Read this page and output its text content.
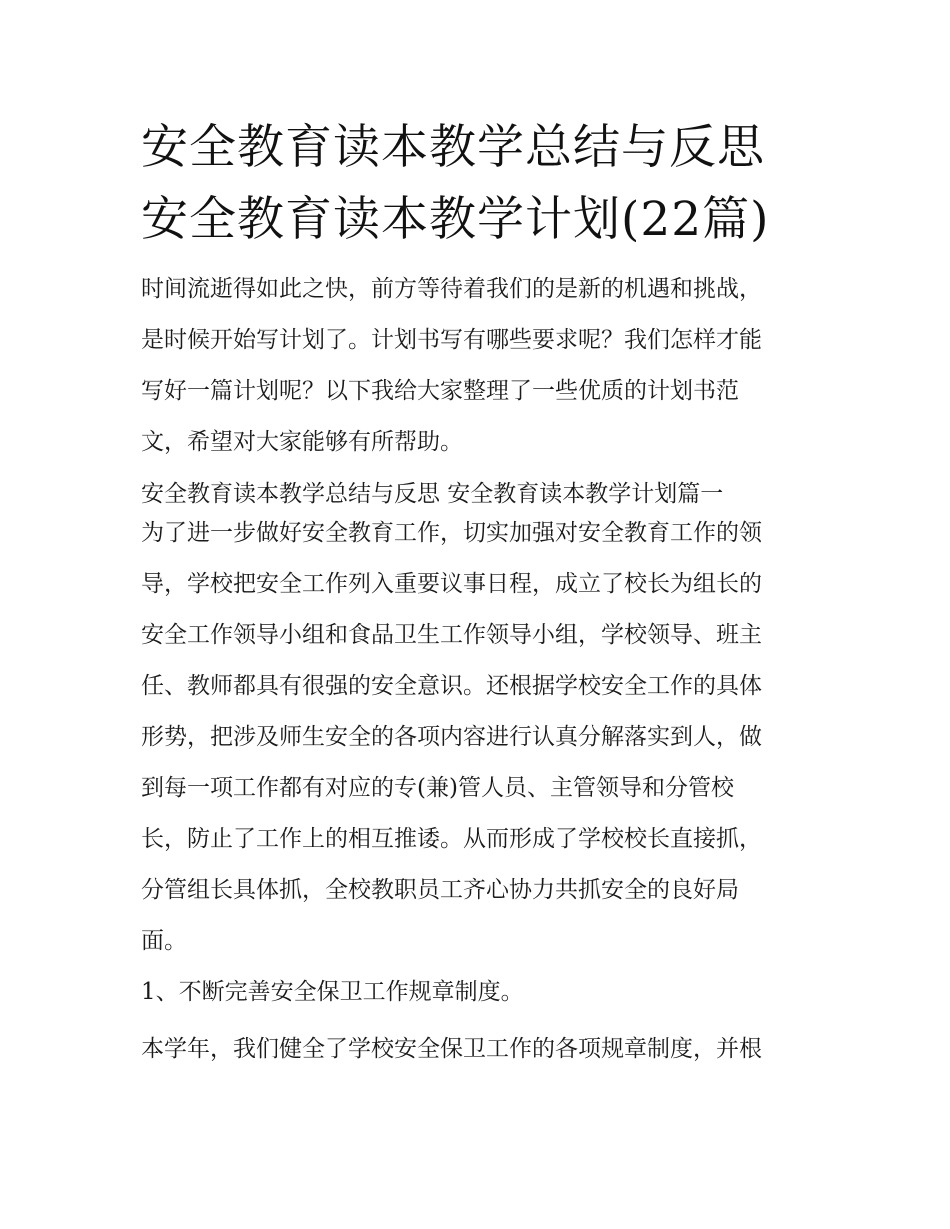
安全教育读本教学总结与反思
安全教育读本教学计划(22篇)

时间流逝得如此之快，前方等待着我们的是新的机遇和挑战，
是时候开始写计划了。计划书写有哪些要求呢？我们怎样才能
写好一篇计划呢？以下我给大家整理了一些优质的计划书范
文，希望对大家能够有所帮助。

安全教育读本教学总结与反思 安全教育读本教学计划篇一

为了进一步做好安全教育工作，切实加强对安全教育工作的领
导，学校把安全工作列入重要议事日程，成立了校长为组长的
安全工作领导小组和食品卫生工作领导小组，学校领导、班主
任、教师都具有很强的安全意识。还根据学校安全工作的具体
形势，把涉及师生安全的各项内容进行认真分解落实到人，做
到每一项工作都有对应的专(兼)管人员、主管领导和分管校
长，防止了工作上的相互推诿。从而形成了学校校长直接抓，
分管组长具体抓，全校教职员工齐心协力共抓安全的良好局
面。

1、不断完善安全保卫工作规章制度。

本学年，我们健全了学校安全保卫工作的各项规章制度，并根
